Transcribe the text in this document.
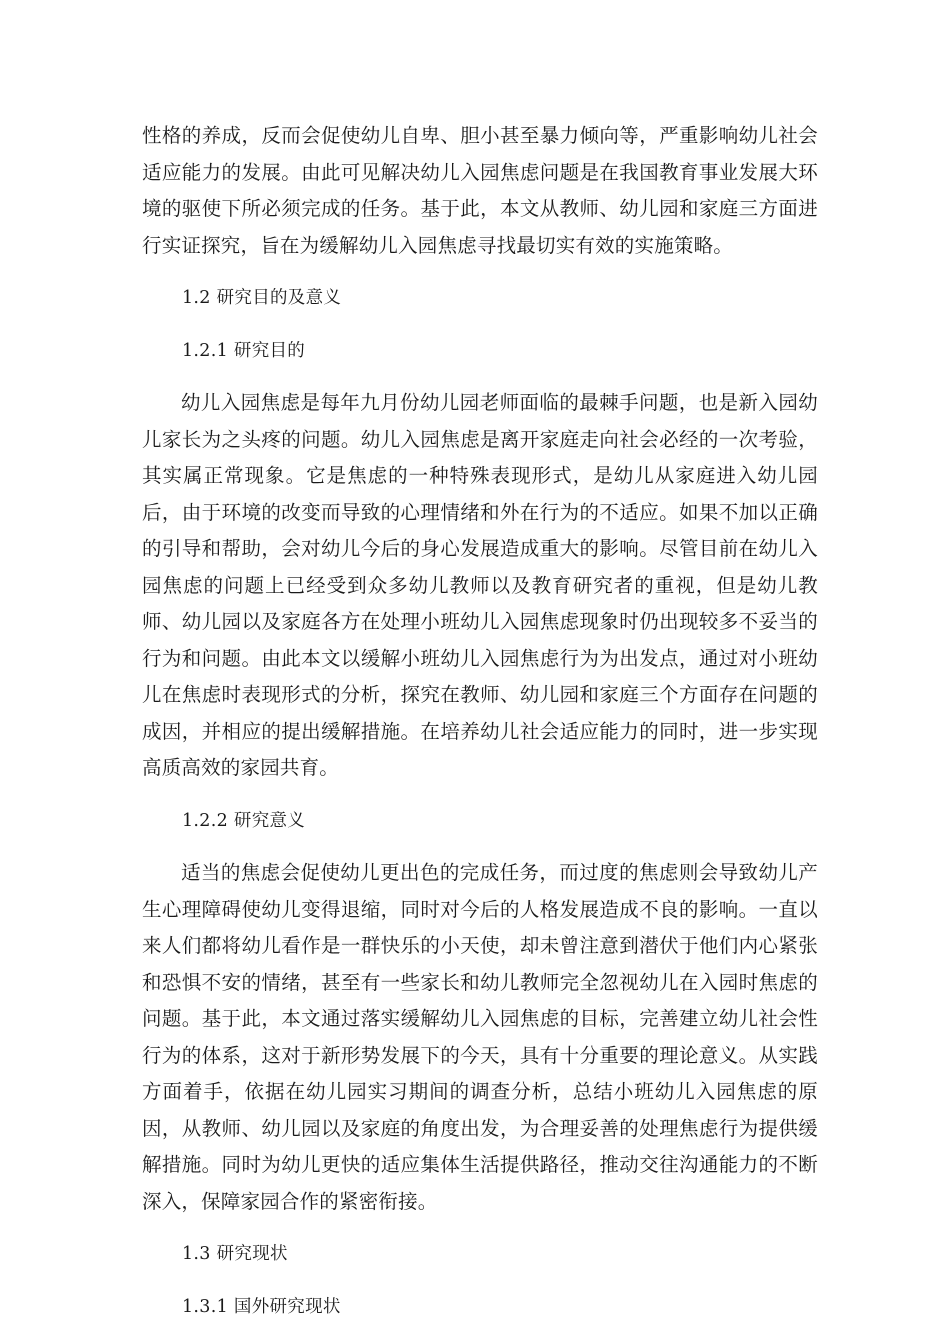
性格的养成，反而会促使幼儿自卑、胆小甚至暴力倾向等，严重影响幼儿社会适应能力的发展。由此可见解决幼儿入园焦虑问题是在我国教育事业发展大环境的驱使下所必须完成的任务。基于此，本文从教师、幼儿园和家庭三方面进行实证探究，旨在为缓解幼儿入园焦虑寻找最切实有效的实施策略。

1.2 研究目的及意义

1.2.1 研究目的

幼儿入园焦虑是每年九月份幼儿园老师面临的最棘手问题，也是新入园幼儿家长为之头疼的问题。幼儿入园焦虑是离开家庭走向社会必经的一次考验，其实属正常现象。它是焦虑的一种特殊表现形式，是幼儿从家庭进入幼儿园后，由于环境的改变而导致的心理情绪和外在行为的不适应。如果不加以正确的引导和帮助，会对幼儿今后的身心发展造成重大的影响。尽管目前在幼儿入园焦虑的问题上已经受到众多幼儿教师以及教育研究者的重视，但是幼儿教师、幼儿园以及家庭各方在处理小班幼儿入园焦虑现象时仍出现较多不妥当的行为和问题。由此本文以缓解小班幼儿入园焦虑行为为出发点，通过对小班幼儿在焦虑时表现形式的分析，探究在教师、幼儿园和家庭三个方面存在问题的成因，并相应的提出缓解措施。在培养幼儿社会适应能力的同时，进一步实现高质高效的家园共育。

1.2.2 研究意义

适当的焦虑会促使幼儿更出色的完成任务，而过度的焦虑则会导致幼儿产生心理障碍使幼儿变得退缩，同时对今后的人格发展造成不良的影响。一直以来人们都将幼儿看作是一群快乐的小天使，却未曾注意到潜伏于他们内心紧张和恐惧不安的情绪，甚至有一些家长和幼儿教师完全忽视幼儿在入园时焦虑的问题。基于此，本文通过落实缓解幼儿入园焦虑的目标，完善建立幼儿社会性行为的体系，这对于新形势发展下的今天，具有十分重要的理论意义。从实践方面着手，依据在幼儿园实习期间的调查分析，总结小班幼儿入园焦虑的原因，从教师、幼儿园以及家庭的角度出发，为合理妥善的处理焦虑行为提供缓解措施。同时为幼儿更快的适应集体生活提供路径，推动交往沟通能力的不断深入，保障家园合作的紧密衔接。

1.3 研究现状

1.3.1 国外研究现状
